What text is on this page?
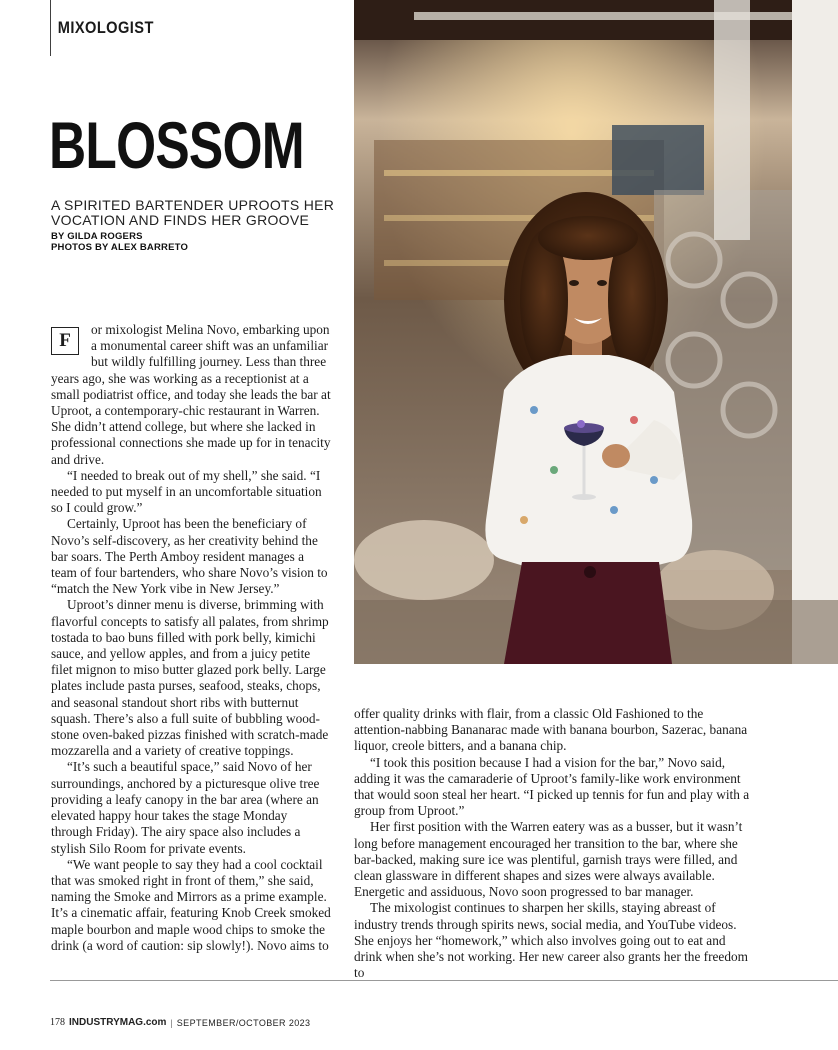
MIXOLOGIST
BLOSSOM
A SPIRITED BARTENDER UPROOTS HER VOCATION AND FINDS HER GROOVE
BY GILDA ROGERS
PHOTOS BY ALEX BARRETO
F

or mixologist Melina Novo, embarking upon a monumental career shift was an unfamiliar but wildly fulfilling journey. Less than three years ago, she was working as a receptionist at a small podiatrist office, and today she leads the bar at Uproot, a contemporary-chic restaurant in Warren. She didn’t attend college, but where she lacked in professional connections she made up for in tenacity and drive.

“I needed to break out of my shell,” she said. “I needed to put myself in an uncomfortable situation so I could grow.”

Certainly, Uproot has been the beneficiary of Novo’s self-discovery, as her creativity behind the bar soars. The Perth Amboy resident manages a team of four bartenders, who share Novo’s vision to “match the New York vibe in New Jersey.”

Uproot’s dinner menu is diverse, brimming with flavorful concepts to satisfy all palates, from shrimp tostada to bao buns filled with pork belly, kimichi sauce, and yellow apples, and from a juicy petite filet mignon to miso butter glazed pork belly. Large plates include pasta purses, seafood, steaks, chops, and seasonal standout short ribs with butternut squash. There’s also a full suite of bubbling wood-stone oven-baked pizzas finished with scratch-made mozzarella and a variety of creative toppings.

“It’s such a beautiful space,” said Novo of her surroundings, anchored by a picturesque olive tree providing a leafy canopy in the bar area (where an elevated happy hour takes the stage Monday through Friday). The airy space also includes a stylish Silo Room for private events.

“We want people to say they had a cool cocktail that was smoked right in front of them,” she said, naming the Smoke and Mirrors as a prime example. It’s a cinematic affair, featuring Knob Creek smoked maple bourbon and maple wood chips to smoke the drink (a word of caution: sip slowly!). Novo aims to

offer quality drinks with flair, from a classic Old Fashioned to the attention-nabbing Bananarac made with banana bourbon, Sazerac, banana liquor, creole bitters, and a banana chip.

“I took this position because I had a vision for the bar,” Novo said, adding it was the camaraderie of Uproot’s family-like work environment that would soon steal her heart. “I picked up tennis for fun and play with a group from Uproot.”

Her first position with the Warren eatery was as a busser, but it wasn’t long before management encouraged her transition to the bar, where she bar-backed, making sure ice was plentiful, garnish trays were filled, and clean glassware in different shapes and sizes were always available. Energetic and assiduous, Novo soon progressed to bar manager.

The mixologist continues to sharpen her skills, staying abreast of industry trends through spirits news, social media, and YouTube videos. She enjoys her “homework,” which also involves going out to eat and drink when she’s not working. Her new career also grants her the freedom to

178 INDUSTRYMAG.com | SEPTEMBER/OCTOBER 2023
